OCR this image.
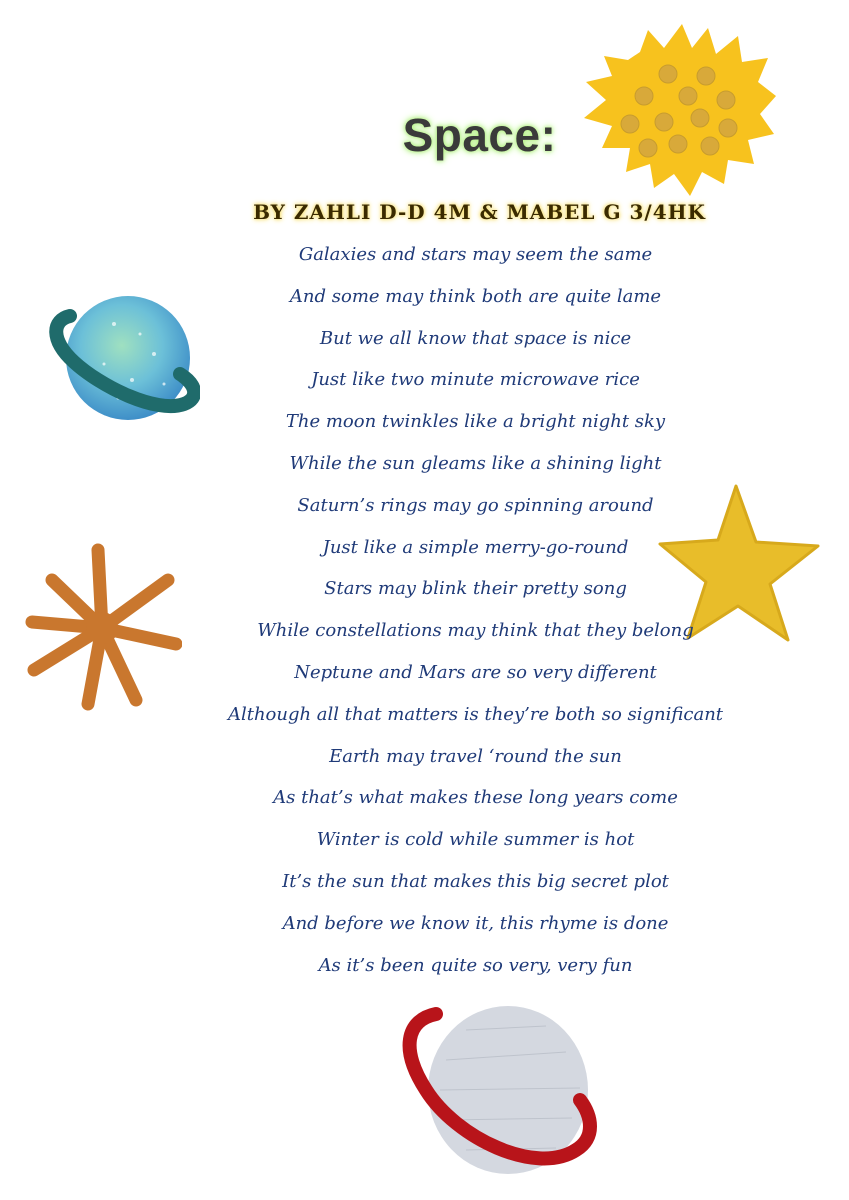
Space:
BY ZAHLI D-D 4M & MABEL G 3/4HK
Galaxies and stars may seem the same
And some may think both are quite lame
But we all know that space is nice
Just like two minute microwave rice
The moon twinkles like a bright night sky
While the sun gleams like a shining light
Saturn’s rings may go spinning around
Just like a simple merry-go-round
Stars may blink their pretty song
While constellations may think that they belong
Neptune and Mars are so very different
Although all that matters is they’re both so significant
Earth may travel ‘round the sun
As that’s what makes these long years come
Winter is cold while summer is hot
It’s the sun that makes this big secret plot
And before we know it, this rhyme is done
As it’s been quite so very, very fun
